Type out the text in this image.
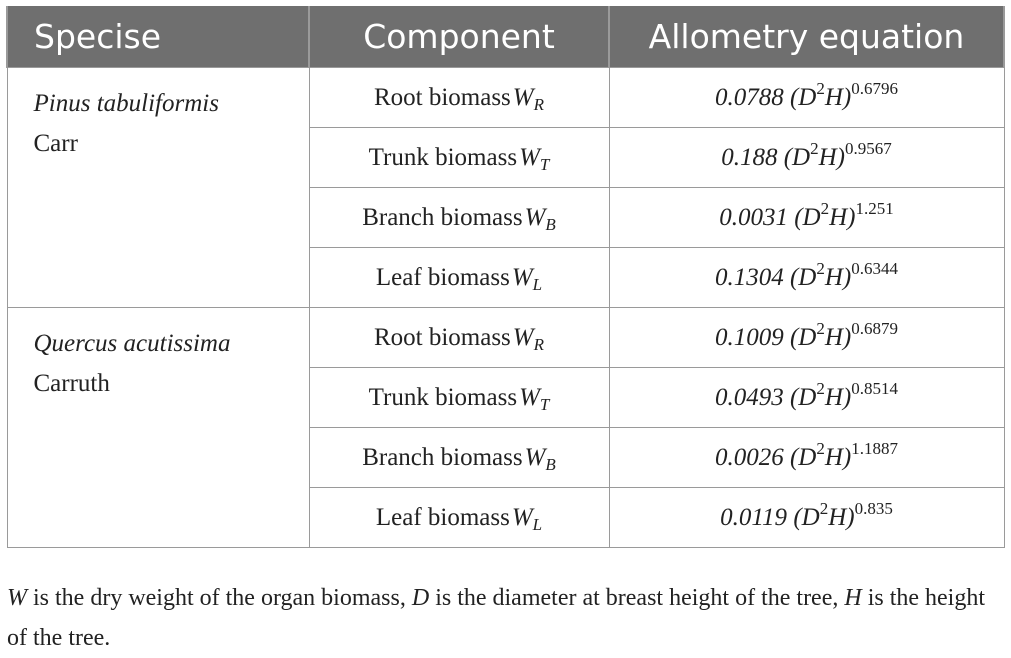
Specise	Component	Allometry equation
Pinus tabuliformis
Carr	Root biomassW$_R$	0.0788 $(D^2H)^{0.6796}$
	Trunk biomassW$_T$	0.188 $(D^2H)^{0.9567}$
	Branch biomassW$_B$	0.0031 $(D^2H)^{1.251}$
	Leaf biomassW$_L$	0.1304 $(D^2H)^{0.6344}$
Quercus acutissima
Carruth	Root biomassW$_R$	0.1009 $(D^2H)^{0.6879}$
	Trunk biomassW$_T$	0.0493 $(D^2H)^{0.8514}$
	Branch biomassW$_B$	0.0026 $(D^2H)^{1.1887}$
	Leaf biomassW$_L$	0.0119 $(D^2H)^{0.835}$
W is the dry weight of the organ biomass, D is the diameter at breast height of the tree, H is the height of the tree.
